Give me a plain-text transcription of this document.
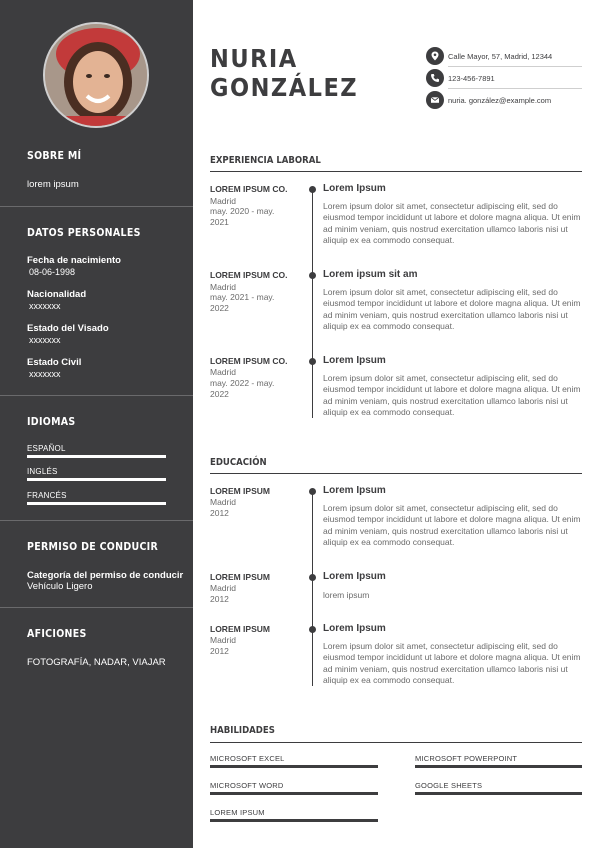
SOBRE MÍ
lorem ipsum
DATOS PERSONALES
Fecha de nacimiento
08-06-1998
Nacionalidad
xxxxxxx
Estado del Visado
xxxxxxx
Estado Civil
xxxxxxx
IDIOMAS
ESPAÑOL
INGLÉS
FRANCÉS
PERMISO DE CONDUCIR
Categoría del permiso de conducir
Vehículo Ligero
AFICIONES
FOTOGRAFÍA, NADAR, VIAJAR
NURIA
GONZÁLEZ
Calle Mayor, 57, Madrid, 12344
123-456-7891
nuria. gonzález@example.com
EXPERIENCIA LABORAL
LOREM IPSUM CO.
Madrid
may. 2020 - may.
2021
Lorem Ipsum
Lorem ipsum dolor sit amet, consectetur adipiscing elit, sed do eiusmod tempor incididunt ut labore et dolore magna aliqua. Ut enim ad minim veniam, quis nostrud exercitation ullamco laboris nisi ut aliquip ex ea commodo consequat.
LOREM IPSUM CO.
Madrid
may. 2021 - may.
2022
Lorem ipsum sit am
Lorem ipsum dolor sit amet, consectetur adipiscing elit, sed do eiusmod tempor incididunt ut labore et dolore magna aliqua. Ut enim ad minim veniam, quis nostrud exercitation ullamco laboris nisi ut aliquip ex ea commodo consequat.
LOREM IPSUM CO.
Madrid
may. 2022 - may.
2022
Lorem Ipsum
Lorem ipsum dolor sit amet, consectetur adipiscing elit, sed do eiusmod tempor incididunt ut labore et dolore magna aliqua. Ut enim ad minim veniam, quis nostrud exercitation ullamco laboris nisi ut aliquip ex ea commodo consequat.
EDUCACIÓN
LOREM IPSUM
Madrid
2012
Lorem Ipsum
Lorem ipsum dolor sit amet, consectetur adipiscing elit, sed do eiusmod tempor incididunt ut labore et dolore magna aliqua. Ut enim ad minim veniam, quis nostrud exercitation ullamco laboris nisi ut aliquip ex ea commodo consequat.
LOREM IPSUM
Madrid
2012
Lorem Ipsum
lorem ipsum
LOREM IPSUM
Madrid
2012
Lorem Ipsum
Lorem ipsum dolor sit amet, consectetur adipiscing elit, sed do eiusmod tempor incididunt ut labore et dolore magna aliqua. Ut enim ad minim veniam, quis nostrud exercitation ullamco laboris nisi ut aliquip ex ea commodo consequat.
HABILIDADES
MICROSOFT EXCEL	MICROSOFT POWERPOINT
MICROSOFT WORD	GOOGLE SHEETS
LOREM IPSUM
